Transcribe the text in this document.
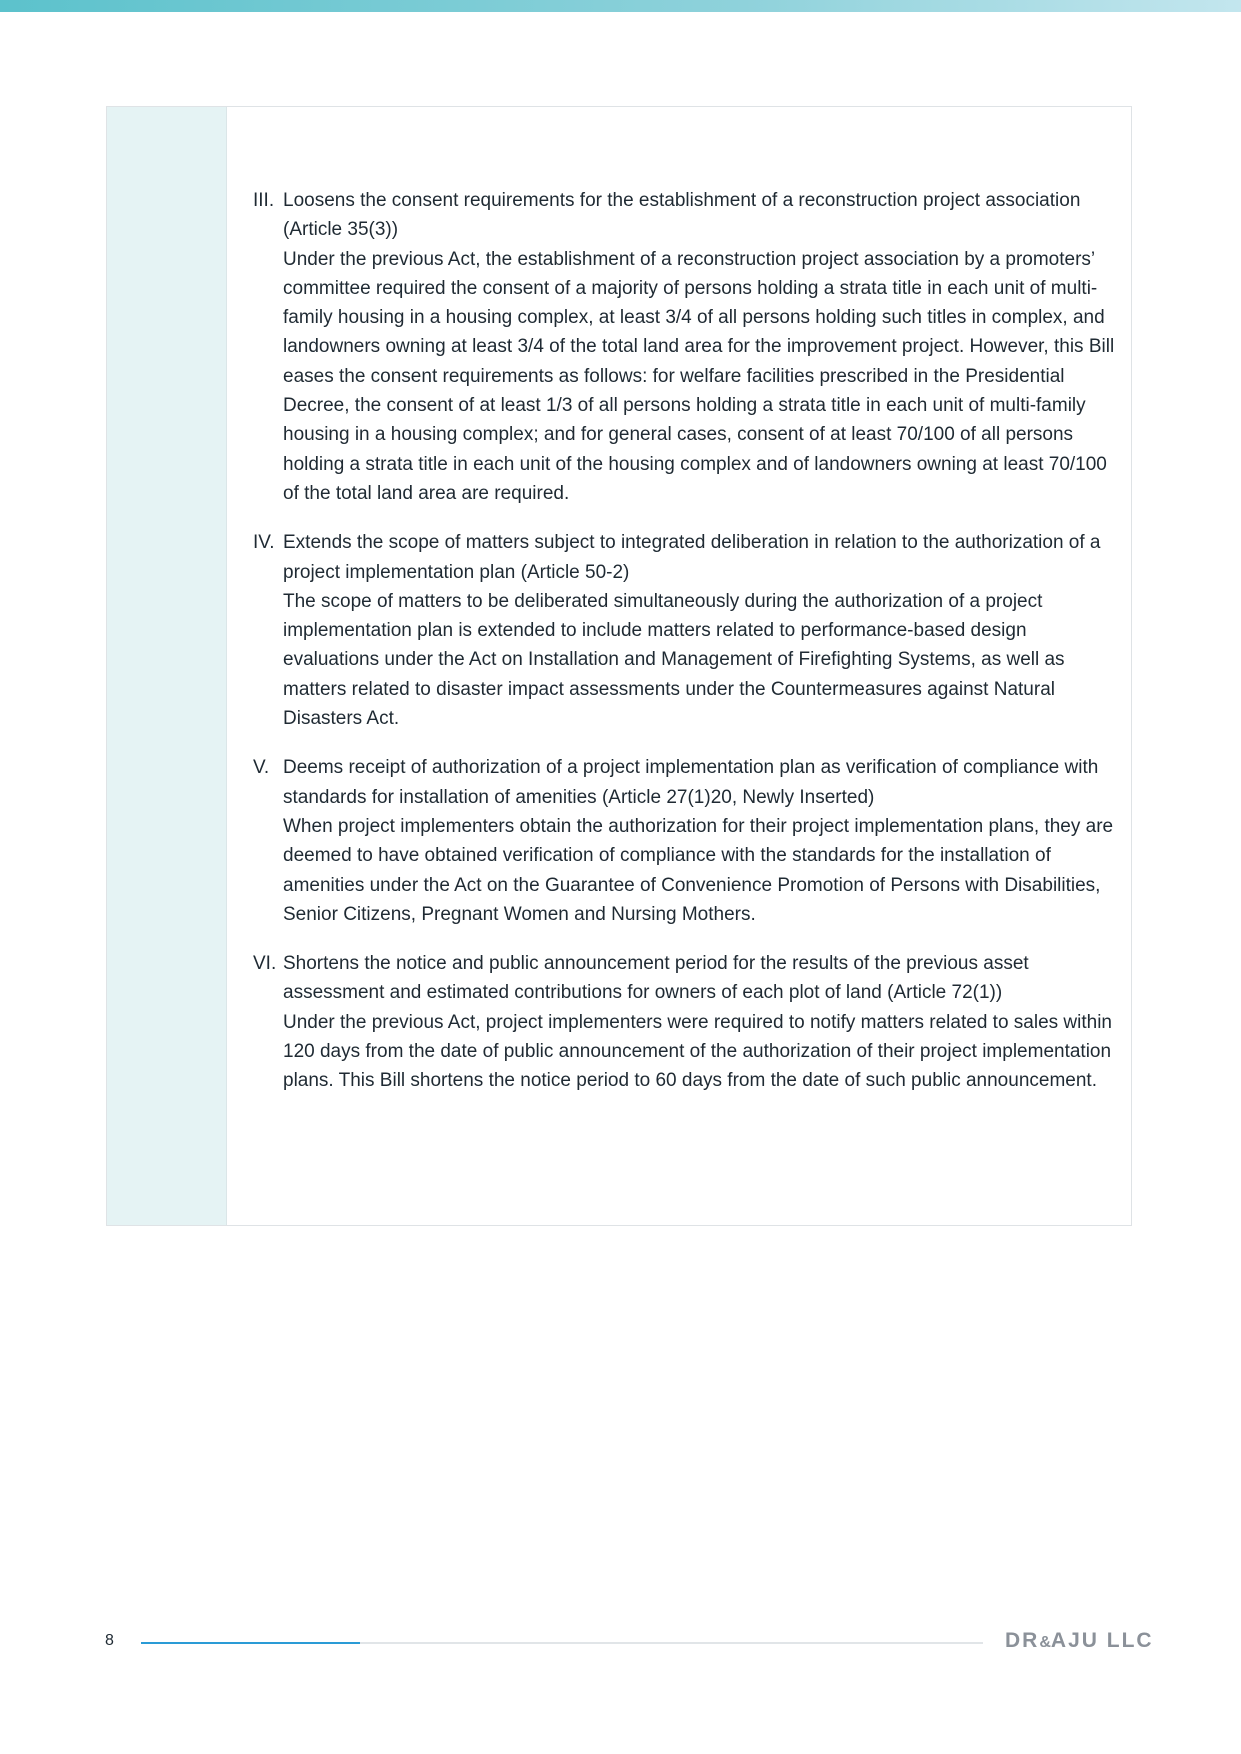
III. Loosens the consent requirements for the establishment of a reconstruction project association (Article 35(3))
Under the previous Act, the establishment of a reconstruction project association by a promoters’ committee required the consent of a majority of persons holding a strata title in each unit of multi-family housing in a housing complex, at least 3/4 of all persons holding such titles in complex, and landowners owning at least 3/4 of the total land area for the improvement project. However, this Bill eases the consent requirements as follows: for welfare facilities prescribed in the Presidential Decree, the consent of at least 1/3 of all persons holding a strata title in each unit of multi-family housing in a housing complex; and for general cases, consent of at least 70/100 of all persons holding a strata title in each unit of the housing complex and of landowners owning at least 70/100 of the total land area are required.
IV. Extends the scope of matters subject to integrated deliberation in relation to the authorization of a project implementation plan (Article 50-2)
The scope of matters to be deliberated simultaneously during the authorization of a project implementation plan is extended to include matters related to performance-based design evaluations under the Act on Installation and Management of Firefighting Systems, as well as matters related to disaster impact assessments under the Countermeasures against Natural Disasters Act.
V. Deems receipt of authorization of a project implementation plan as verification of compliance with standards for installation of amenities (Article 27(1)20, Newly Inserted)
When project implementers obtain the authorization for their project implementation plans, they are deemed to have obtained verification of compliance with the standards for the installation of amenities under the Act on the Guarantee of Convenience Promotion of Persons with Disabilities, Senior Citizens, Pregnant Women and Nursing Mothers.
VI. Shortens the notice and public announcement period for the results of the previous asset assessment and estimated contributions for owners of each plot of land (Article 72(1))
Under the previous Act, project implementers were required to notify matters related to sales within 120 days from the date of public announcement of the authorization of their project implementation plans. This Bill shortens the notice period to 60 days from the date of such public announcement.
8	DR&AJU LLC
